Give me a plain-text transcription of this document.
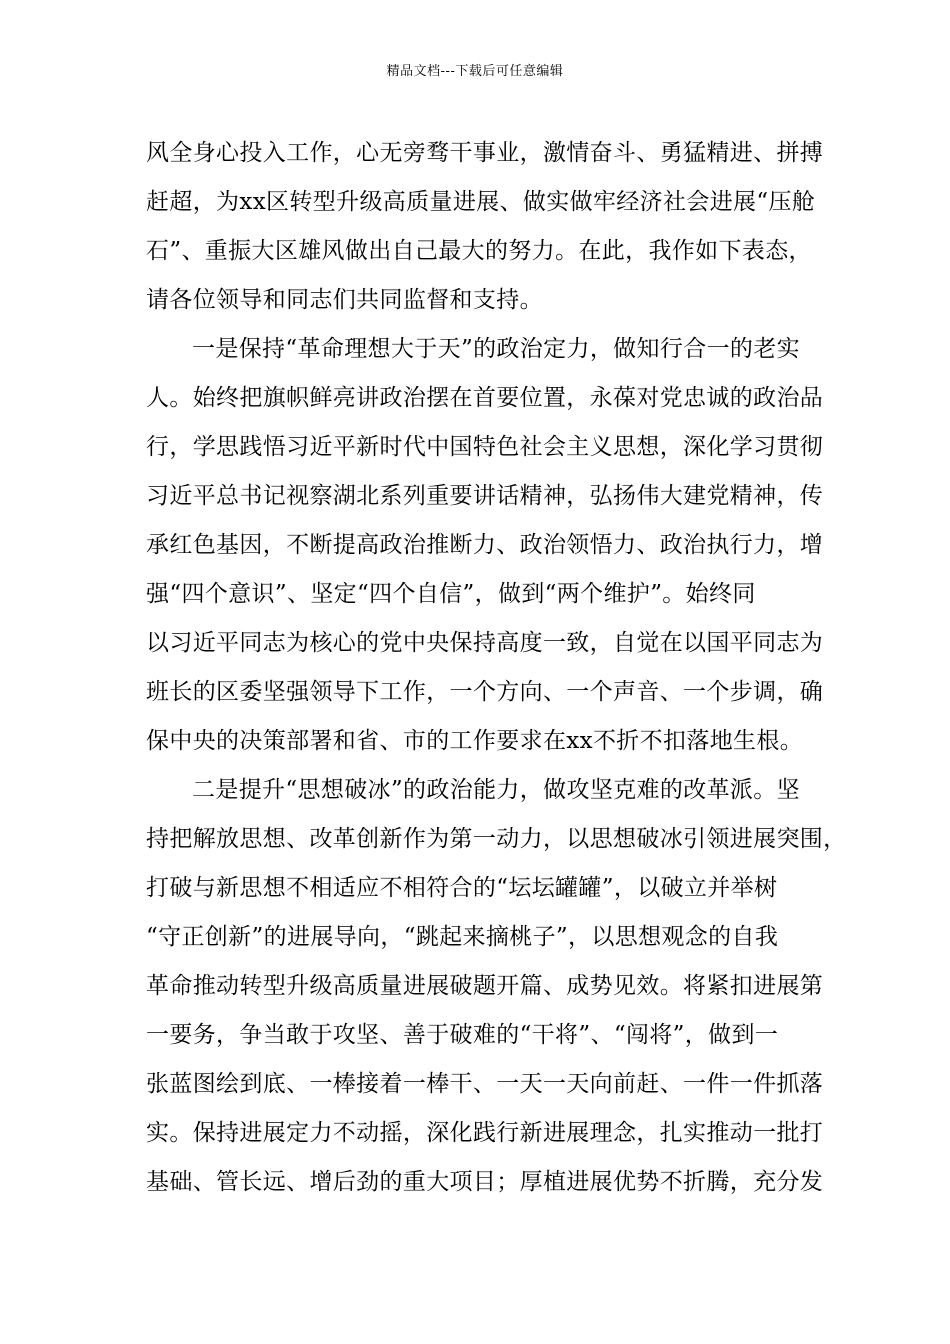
精品文档---下载后可任意编辑
风全身心投入工作，心无旁骛干事业，激情奋斗、勇猛精进、拼搏
赶超，为xx区转型升级高质量进展、做实做牢经济社会进展“压舱
石”、重振大区雄风做出自己最大的努力。在此，我作如下表态，
请各位领导和同志们共同监督和支持。
一是保持“革命理想大于天”的政治定力，做知行合一的老实
人。始终把旗帜鲜亮讲政治摆在首要位置，永葆对党忠诚的政治品
行，学思践悟习近平新时代中国特色社会主义思想，深化学习贯彻
习近平总书记视察湖北系列重要讲话精神，弘扬伟大建党精神，传
承红色基因，不断提高政治推断力、政治领悟力、政治执行力，增
强“四个意识”、坚定“四个自信”，做到“两个维护”。始终同
以习近平同志为核心的党中央保持高度一致，自觉在以国平同志为
班长的区委坚强领导下工作，一个方向、一个声音、一个步调，确
保中央的决策部署和省、市的工作要求在xx不折不扣落地生根。
二是提升“思想破冰”的政治能力，做攻坚克难的改革派。坚
持把解放思想、改革创新作为第一动力，以思想破冰引领进展突围，
打破与新思想不相适应不相符合的“坛坛罐罐”，以破立并举树
“守正创新”的进展导向，“跳起来摘桃子”，以思想观念的自我
革命推动转型升级高质量进展破题开篇、成势见效。将紧扣进展第
一要务，争当敢于攻坚、善于破难的“干将”、“闯将”，做到一
张蓝图绘到底、一棒接着一棒干、一天一天向前赶、一件一件抓落
实。保持进展定力不动摇，深化践行新进展理念，扎实推动一批打
基础、管长远、增后劲的重大项目；厚植进展优势不折腾，充分发
